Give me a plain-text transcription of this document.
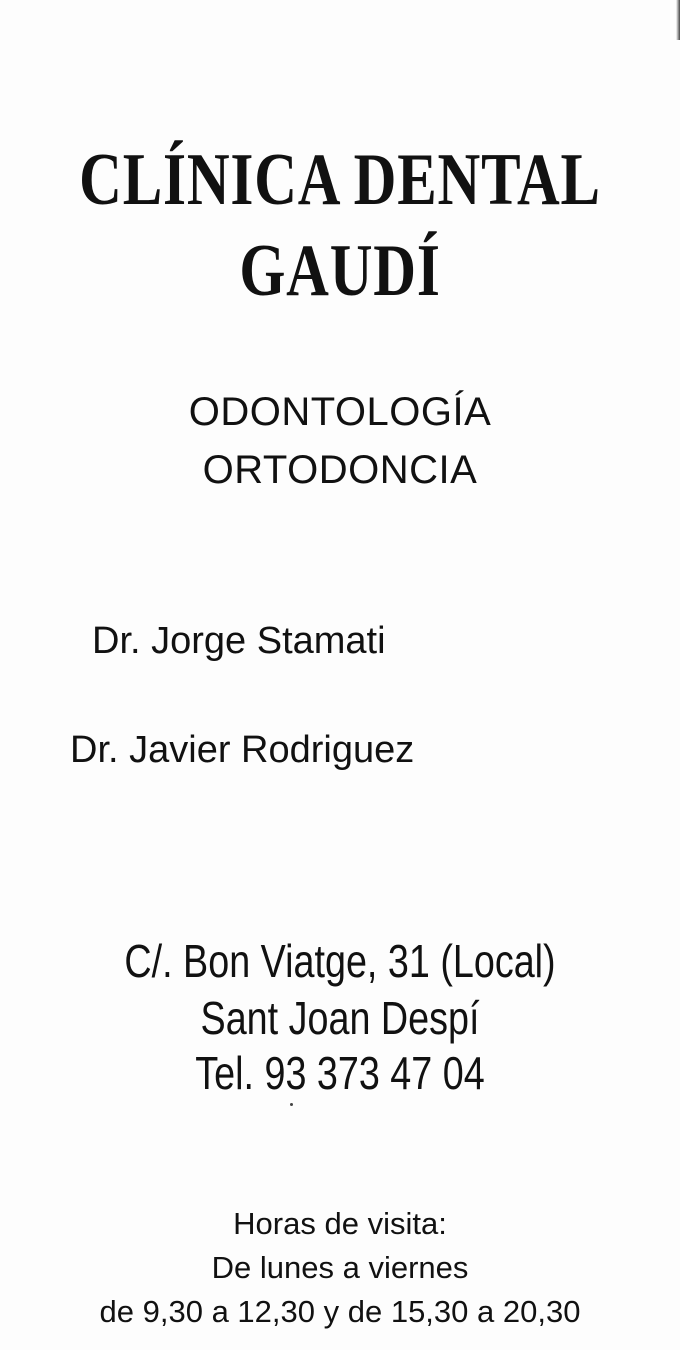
CLÍNICA DENTAL
GAUDÍ
ODONTOLOGÍA
ORTODONCIA
Dr. Jorge Stamati
Dr. Javier Rodriguez
C/. Bon Viatge, 31 (Local)
Sant Joan Despí
Tel. 93 373 47 04
Horas de visita:
De lunes a viernes
de 9,30 a 12,30 y de 15,30 a 20,30
